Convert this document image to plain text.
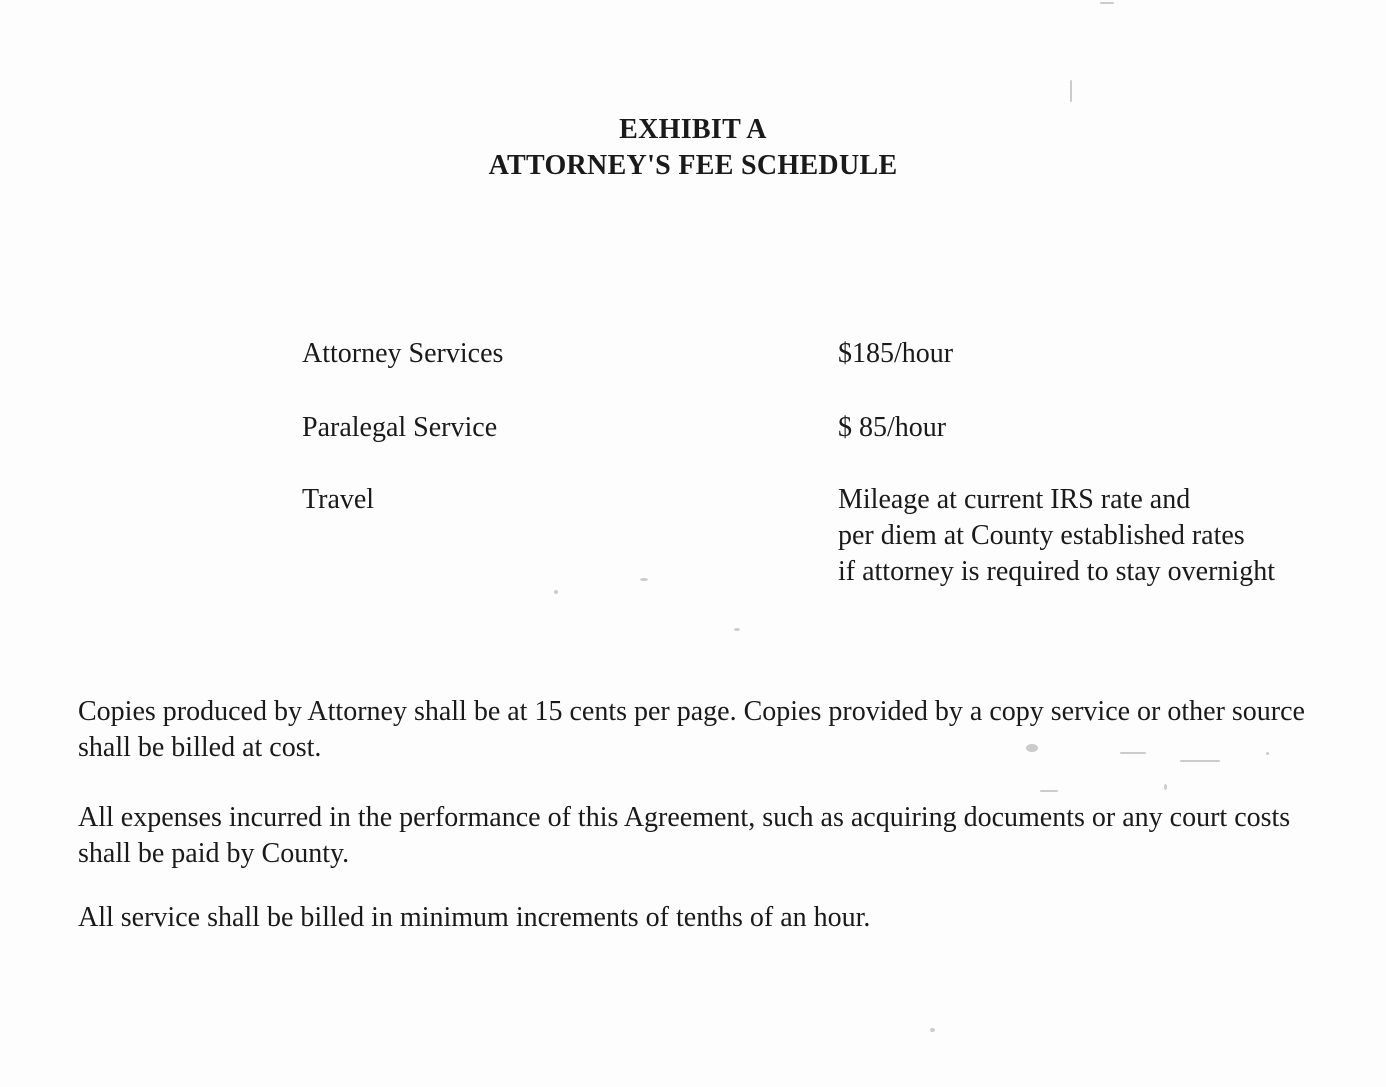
EXHIBIT A
ATTORNEY'S FEE SCHEDULE
Attorney Services	$185/hour
Paralegal Service	$ 85/hour
Travel	Mileage at current IRS rate and
per diem at County established rates
if attorney is required to stay overnight
Copies produced by Attorney shall be at 15 cents per page. Copies provided by a copy service or other source shall be billed at cost.
All expenses incurred in the performance of this Agreement, such as acquiring documents or any court costs shall be paid by County.
All service shall be billed in minimum increments of tenths of an hour.
